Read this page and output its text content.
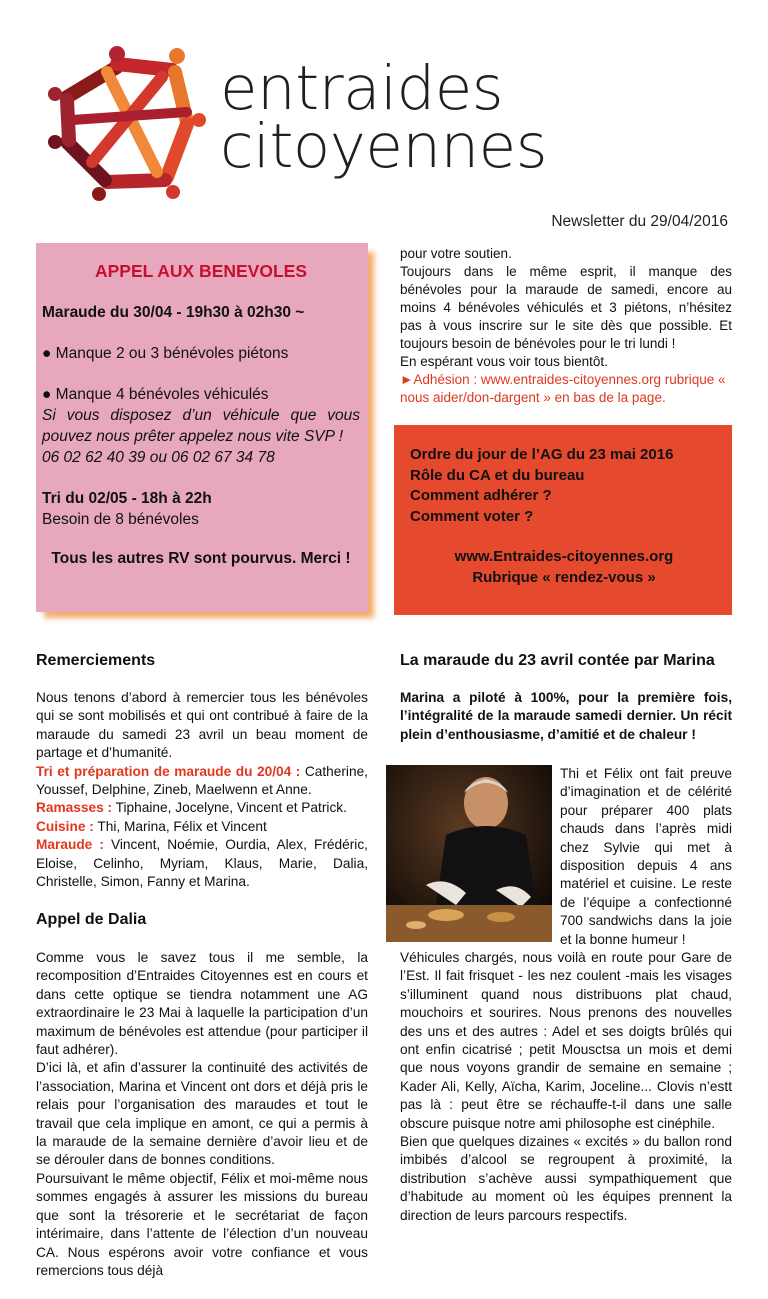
entraides
citoyennes
Newsletter du 29/04/2016
APPEL AUX BENEVOLES
Maraude du 30/04 - 19h30 à 02h30 ~
● Manque 2 ou 3 bénévoles piétons
● Manque 4 bénévoles véhiculés
Si vous disposez d’un véhicule que vous pouvez nous prêter appelez nous vite SVP !
06 02 62 40 39 ou 06 02 67 34 78
Tri du 02/05 - 18h à 22h
Besoin de 8 bénévoles
Tous les autres RV sont pourvus. Merci !
pour votre soutien.
Toujours dans le même esprit, il manque des bénévoles pour la maraude de samedi, encore au moins 4 bénévoles véhiculés et 3 piétons, n’hésitez pas à vous inscrire sur le site dès que possible. Et toujours besoin de bénévoles pour le tri lundi !
En espérant vous voir tous bientôt.
►Adhésion : www.entraides-citoyennes.org rubrique « nous aider/don-dargent » en bas de la page.
Ordre du jour de l’AG du 23 mai 2016
Rôle du CA et du bureau
Comment adhérer ?
Comment voter ?
www.Entraides-citoyennes.org
Rubrique « rendez-vous »
Remerciements

Nous tenons d’abord à remercier tous les bénévoles qui se sont mobilisés et qui ont contribué à faire de la maraude du samedi 23 avril un beau moment de partage et d’humanité.

Tri et préparation de maraude du 20/04 : Catherine, Youssef, Delphine, Zineb, Maelwenn et Anne.

Ramasses : Tiphaine, Jocelyne, Vincent et Patrick.

Cuisine : Thi, Marina, Félix et Vincent

Maraude : Vincent, Noémie, Ourdia, Alex, Frédéric, Eloise, Celinho, Myriam, Klaus, Marie, Dalia, Christelle, Simon, Fanny et Marina.

Appel de Dalia

Comme vous le savez tous il me semble, la recomposition d’Entraides Citoyennes est en cours et dans cette optique se tiendra notamment une AG extraordinaire le 23 Mai à laquelle la participation d’un maximum de bénévoles est attendue (pour participer il faut adhérer).

D’ici là, et afin d’assurer la continuité des activités de l’association, Marina et Vincent ont dors et déjà pris le relais pour l’organisation des maraudes et tout le travail que cela implique en amont, ce qui a permis à la maraude de la semaine dernière d’avoir lieu et de se dérouler dans de bonnes conditions.

Poursuivant le même objectif, Félix et moi-même nous sommes engagés à assurer les missions du bureau que sont la trésorerie et le secrétariat de façon intérimaire, dans l’attente de l’élection d’un nouveau CA. Nous espérons avoir votre confiance et vous remercions tous déjà

La maraude du 23 avril contée par Marina
Marina a piloté à 100%, pour la première fois, l’intégralité de la maraude samedi dernier. Un récit plein d’enthousiasme, d’amitié et de chaleur !
Thi et Félix ont fait preuve d’imagination et de célérité pour préparer 400 plats chauds dans l’après midi chez Sylvie qui met à disposition depuis 4 ans matériel et cuisine. Le reste de l’équipe a confectionné 700 sandwichs dans la joie et la bonne humeur !

Véhicules chargés, nous voilà en route pour Gare de l’Est. Il fait frisquet - les nez coulent -mais les visages s’illuminent quand nous distribuons plat chaud, mouchoirs et sourires. Nous prenons des nouvelles des uns et des autres : Adel et ses doigts brûlés qui ont enfin cicatrisé ; petit Mousctsa un mois et demi que nous voyons grandir de semaine en semaine ; Kader Ali, Kelly, Aïcha, Karim, Joceline... Clovis n’estt pas là : peut être se réchauffe-t-il dans une salle obscure puisque notre ami philosophe est cinéphile.

Bien que quelques dizaines « excités » du ballon rond imbibés d’alcool se regroupent à proximité, la distribution s’achève aussi sympathiquement que d’habitude au moment où les équipes prennent la direction de leurs parcours respectifs.
